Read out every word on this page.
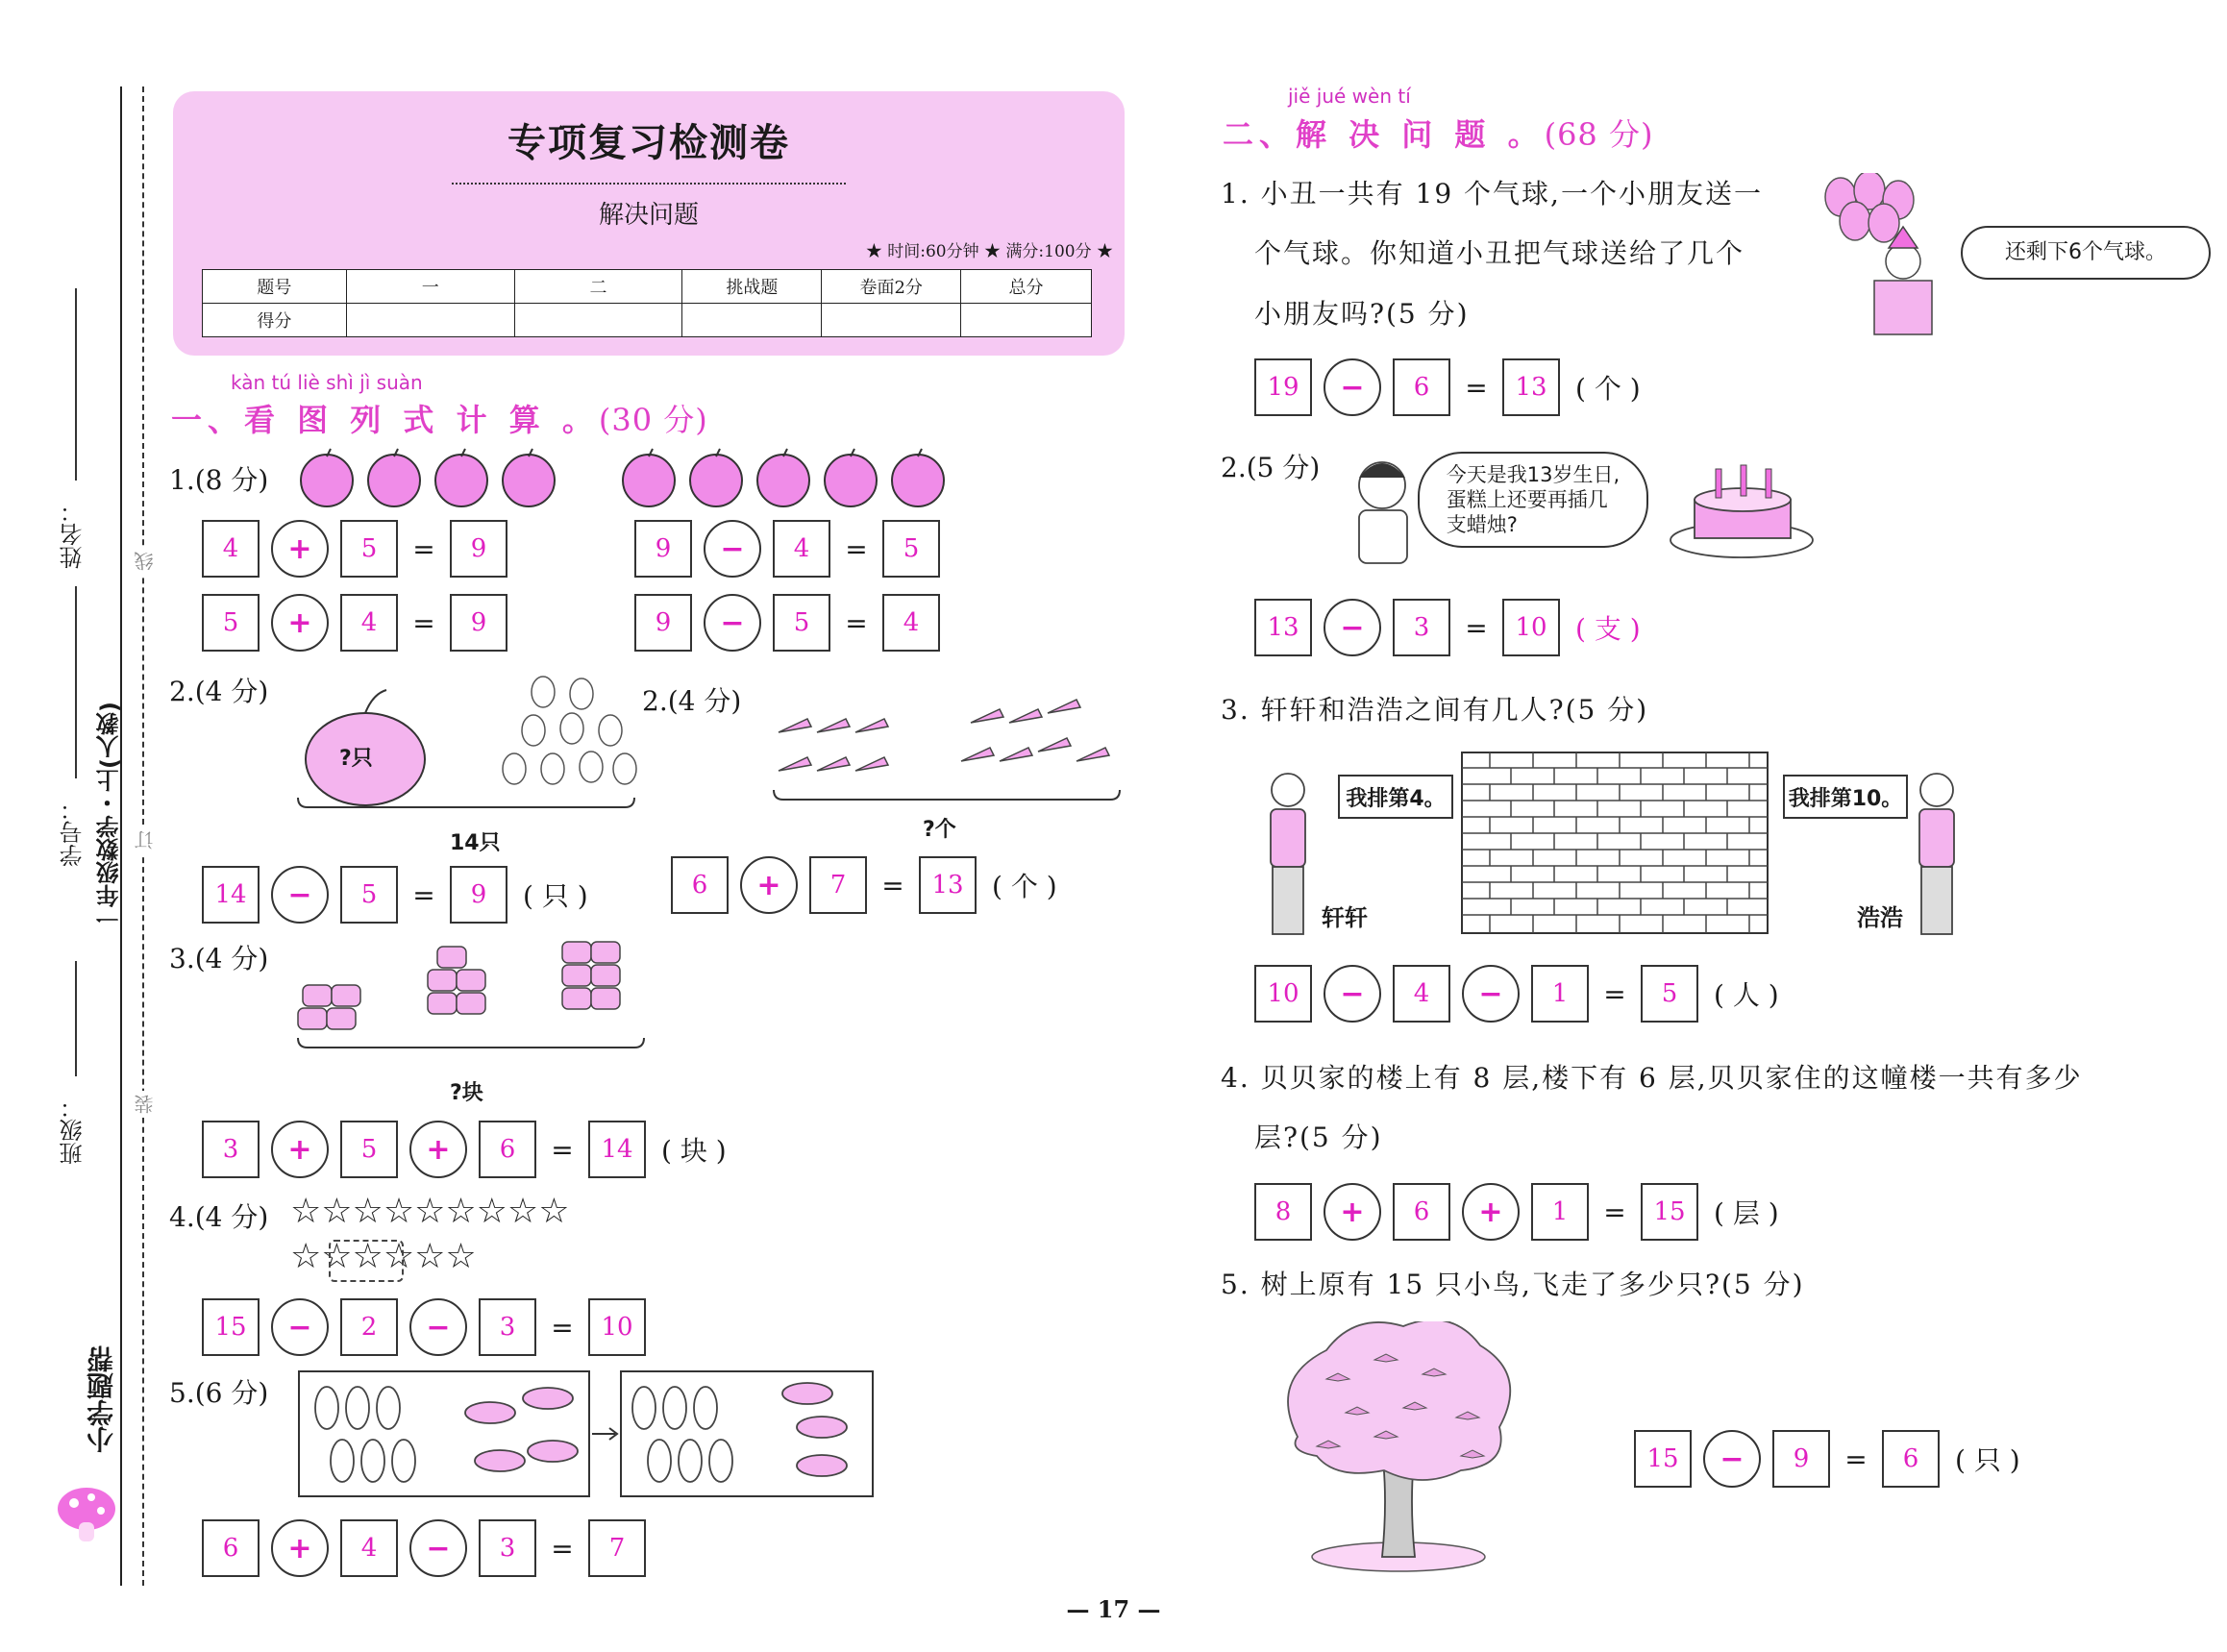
姓名：
学号：
班级：
一年级数学・上(人教)
线
订
装
小学题帮
专项复习检测卷
解决问题
★ 时间:60分钟 ★ 满分:100分 ★
题号	一	二	挑战题	卷面2分	总分
得分					
kàn tú liè shì jì suàn
一、看 图 列 式 计 算 。(30 分)
1.(8 分)
4	+	5	=	9	9	−	4	=	5
5	+	4	=	9	9	−	5	=	4
2.(4 分)
?只
14只
14	−	5	=	9	( 只 )
2.(4 分)
?个
6	+	7	=	13	( 个 )
3.(4 分)
?块
3	+	5	+	6	=	14	( 块 )
4.(4 分) ☆☆☆☆☆☆☆☆☆
☆☆☆☆☆☆
15	−	2	−	3	=	10
5.(6 分)
6	+	4	−	3	=	7
jiě jué wèn tí
二、解 决 问 题 。(68 分)
1. 小丑一共有 19 个气球,一个小朋友送一
个气球。你知道小丑把气球送给了几个
小朋友吗?(5 分)
还剩下6个气球。
19	−	6	=	13	( 个 )
2.(5 分)	今天是我13岁生日,
蛋糕上还要再插几
支蜡烛?
13	−	3	=	10	( 支 )
3. 轩轩和浩浩之间有几人?(5 分)
我排第4。
轩轩
我排第10。
浩浩
10	−	4	−	1	=	5	( 人 )
4. 贝贝家的楼上有 8 层,楼下有 6 层,贝贝家住的这幢楼一共有多少
层?(5 分)
8	+	6	+	1	=	15	( 层 )
5. 树上原有 15 只小鸟,飞走了多少只?(5 分)
15	−	9	=	6	( 只 )
— 17 —
